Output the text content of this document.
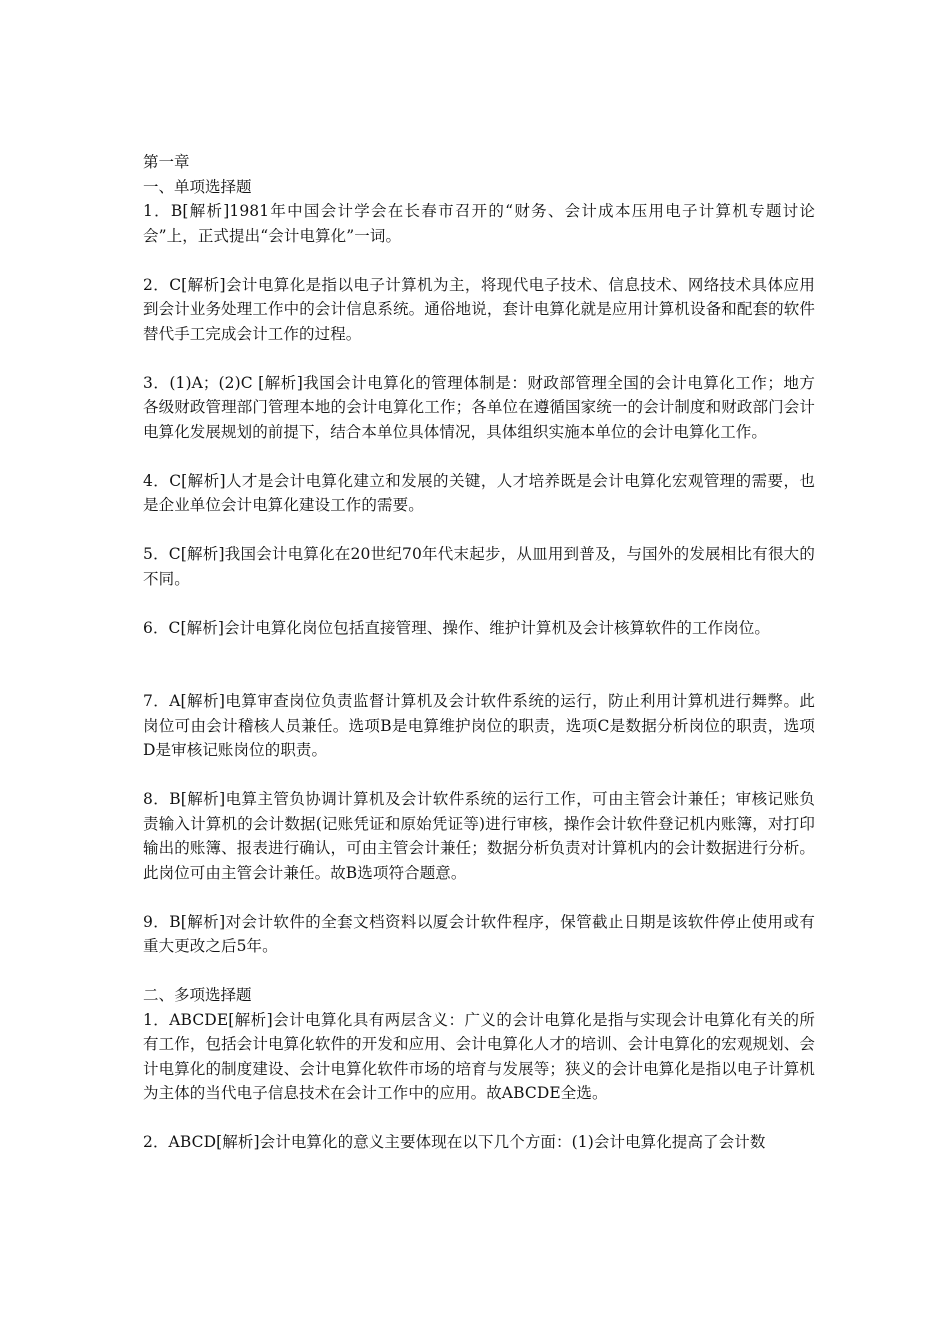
第一章
一、单项选择题
1．B[解析]1981年中国会计学会在长春市召开的“财务、会计成本压用电子计算机专题讨论会”上，正式提出“会计电算化”一词。
2．C[解析]会计电算化是指以电子计算机为主，将现代电子技术、信息技术、网络技术具体应用到会计业务处理工作中的会计信息系统。通俗地说，套计电算化就是应用计算机设备和配套的软件替代手工完成会计工作的过程。
3．(1)A；(2)C [解析]我国会计电算化的管理体制是：财政部管理全国的会计电算化工作；地方各级财政管理部门管理本地的会计电算化工作；各单位在遵循国家统一的会计制度和财政部门会计电算化发展规划的前提下，结合本单位具体情况，具体组织实施本单位的会计电算化工作。
4．C[解析]人才是会计电算化建立和发展的关键，人才培养既是会计电算化宏观管理的需要，也是企业单位会计电算化建设工作的需要。
5．C[解析]我国会计电算化在20世纪70年代末起步，从皿用到普及，与国外的发展相比有很大的不同。
6．C[解析]会计电算化岗位包括直接管理、操作、维护计算机及会计核算软件的工作岗位。
7．A[解析]电算审查岗位负责监督计算机及会计软件系统的运行，防止利用计算机进行舞弊。此岗位可由会计稽核人员兼任。选项B是电算维护岗位的职责，选项C是数据分析岗位的职责，选项D是审核记账岗位的职责。
8．B[解析]电算主管负协调计算机及会计软件系统的运行工作，可由主管会计兼任；审核记账负责输入计算机的会计数据(记账凭证和原始凭证等)进行审核，操作会计软件登记机内账簿，对打印输出的账簿、报表进行确认，可由主管会计兼任；数据分析负责对计算机内的会计数据进行分析。此岗位可由主管会计兼任。故B选项符合题意。
9．B[解析]对会计软件的全套文档资料以厦会计软件程序，保管截止日期是该软件停止使用或有重大更改之后5年。
二、多项选择题
1．ABCDE[解析]会计电算化具有两层含义：广义的会计电算化是指与实现会计电算化有关的所有工作，包括会计电算化软件的开发和应用、会计电算化人才的培训、会计电算化的宏观规划、会计电算化的制度建设、会计电算化软件市场的培育与发展等；狭义的会计电算化是指以电子计算机为主体的当代电子信息技术在会计工作中的应用。故ABCDE全选。
2．ABCD[解析]会计电算化的意义主要体现在以下几个方面：(1)会计电算化提高了会计数
